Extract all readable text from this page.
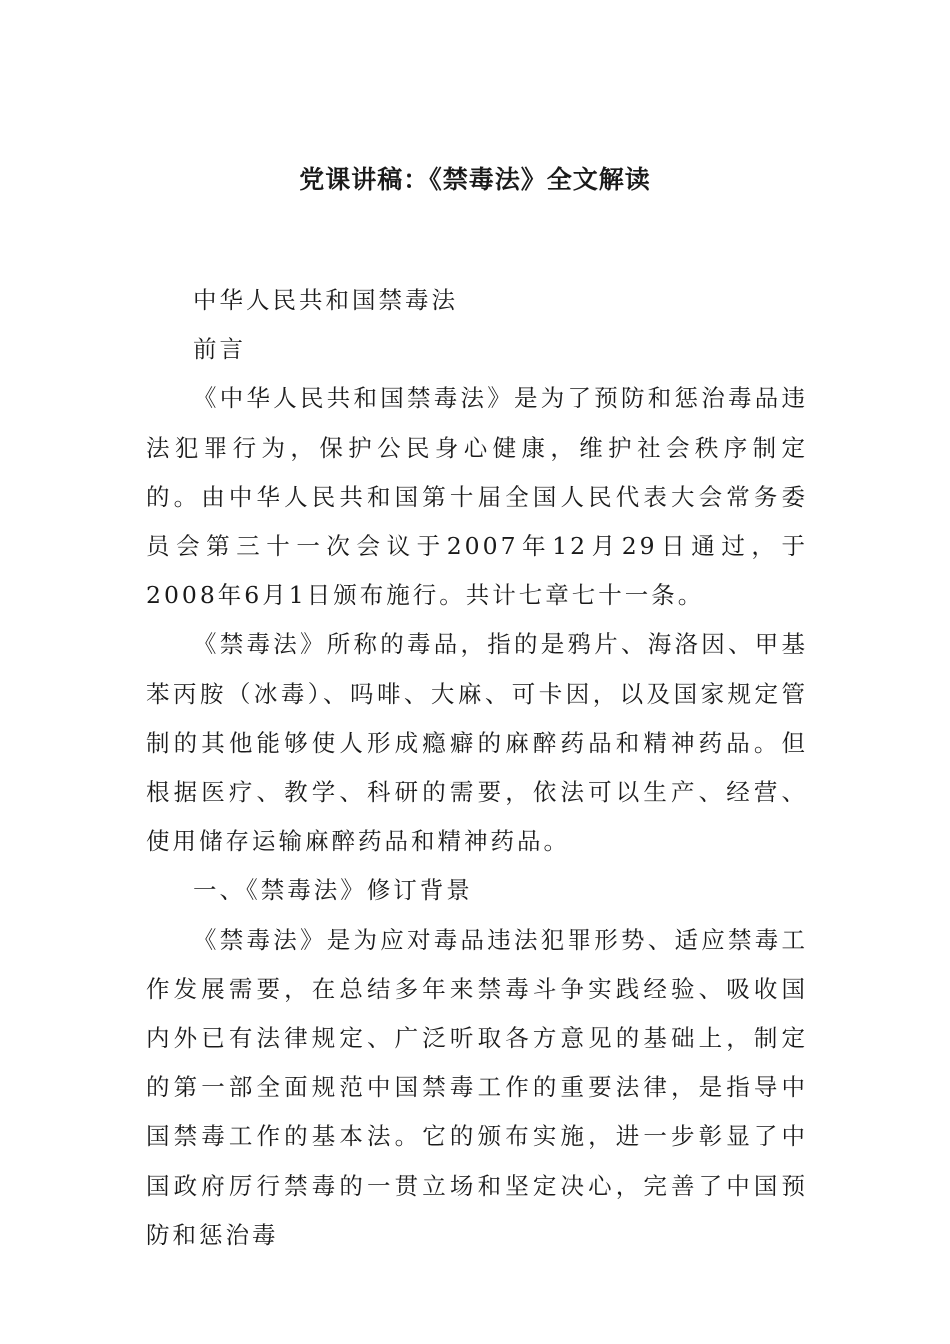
党课讲稿：《禁毒法》全文解读

中华人民共和国禁毒法

前言

《中华人民共和国禁毒法》是为了预防和惩治毒品违法犯罪行为，保护公民身心健康，维护社会秩序制定的。由中华人民共和国第十届全国人民代表大会常务委员会第三十一次会议于2007年12月29日通过，于2008年6月1日颁布施行。共计七章七十一条。

《禁毒法》所称的毒品，指的是鸦片、海洛因、甲基苯丙胺（冰毒）、吗啡、大麻、可卡因，以及国家规定管制的其他能够使人形成瘾癖的麻醉药品和精神药品。但根据医疗、教学、科研的需要，依法可以生产、经营、使用储存运输麻醉药品和精神药品。

一、《禁毒法》修订背景

《禁毒法》是为应对毒品违法犯罪形势、适应禁毒工作发展需要，在总结多年来禁毒斗争实践经验、吸收国内外已有法律规定、广泛听取各方意见的基础上，制定的第一部全面规范中国禁毒工作的重要法律，是指导中国禁毒工作的基本法。它的颁布实施，进一步彰显了中国政府厉行禁毒的一贯立场和坚定决心，完善了中国预防和惩治毒
